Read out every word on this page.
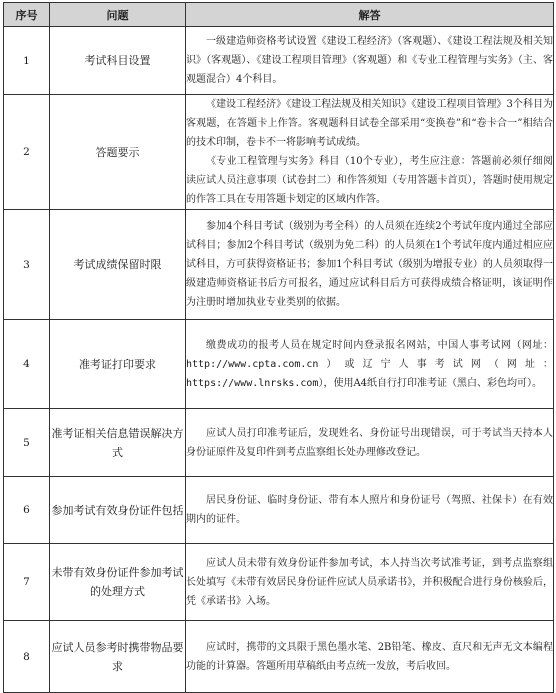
序号	问题	解答
1	考试科目设置	一级建造师资格考试设置《建设工程经济》（客观题）、《建设工程法规及相关知识》（客观题）、《建设工程项目管理》（客观题）和《专业工程管理与实务》（主、客观题混合）4个科目。

2	答题要示	《建设工程经济》《建设工程法规及相关知识》《建设工程项目管理》3个科目为客观题，在答题卡上作答。客观题科目试卷全部采用“变换卷”和“卷卡合一”相结合的技术印制，卷卡不一将影响考试成绩。

《专业工程管理与实务》科目（10个专业），考生应注意：答题前必须仔细阅读应试人员注意事项（试卷封二）和作答须知（专用答题卡首页），答题时使用规定的作答工具在专用答题卡划定的区域内作答。

3	考试成绩保留时限	参加4个科目考试（级别为考全科）的人员须在连续2个考试年度内通过全部应试科目；参加2个科目考试（级别为免二科）的人员须在1个考试年度内通过相应应试科目，方可获得资格证书；参加1个科目考试（级别为增报专业）的人员须取得一级建造师资格证书后方可报名，通过应试科目后方可获得成绩合格证明，该证明作为注册时增加执业专业类别的依据。

4	准考证打印要求	缴费成功的报考人员在规定时间内登录报名网站，中国人事考试网（网址：http://www.cpta.com.cn）或辽宁人事考试网（网址：https://www.lnrsks.com），使用A4纸自行打印准考证（黑白、彩色均可）。

5	准考证相关信息错误解决方式	应试人员打印准考证后，发现姓名、身份证号出现错误，可于考试当天持本人身份证原件及复印件到考点监察组长处办理修改登记。

6	参加考试有效身份证件包括	居民身份证、临时身份证、带有本人照片和身份证号（驾照、社保卡）在有效期内的证件。

7	未带有效身份证件参加考试的处理方式	应试人员未带有效身份证件参加考试，本人持当次考试准考证，到考点监察组长处填写《未带有效居民身份证件应试人员承诺书》，并积极配合进行身份核验后，凭《承诺书》入场。

8	应试人员参考时携带物品要求	应试时，携带的文具限于黑色墨水笔、2B铅笔、橡皮、直尺和无声无文本编程功能的计算器。答题所用草稿纸由考点统一发放，考后收回。
